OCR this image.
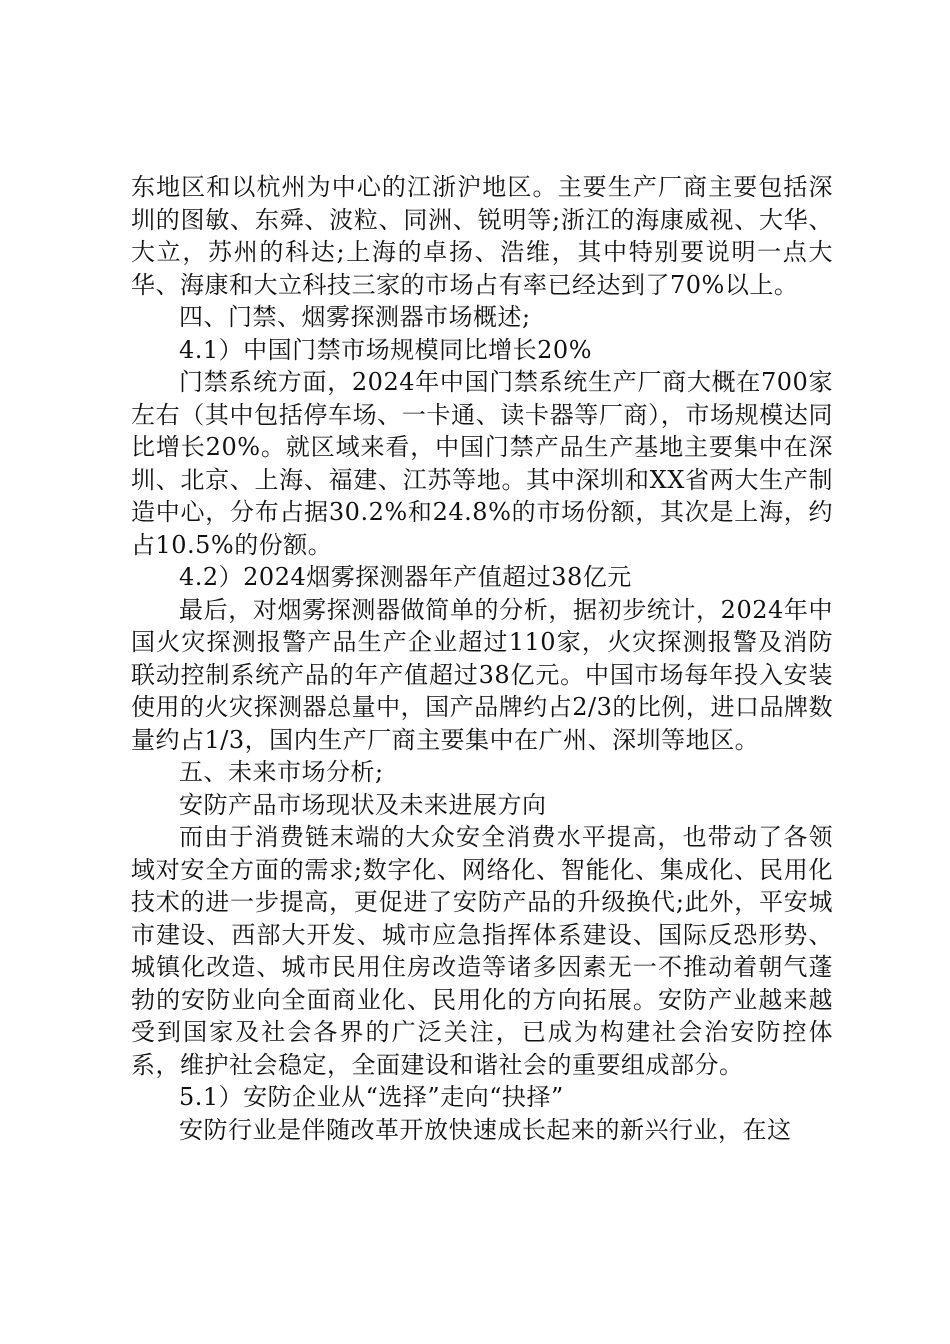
东地区和以杭州为中心的江浙沪地区。主要生产厂商主要包括深圳的图敏、东舜、波粒、同洲、锐明等;浙江的海康威视、大华、大立，苏州的科达;上海的卓扬、浩维，其中特别要说明一点大华、海康和大立科技三家的市场占有率已经达到了70%以上。

四、门禁、烟雾探测器市场概述;

4.1）中国门禁市场规模同比增长20%

门禁系统方面，2024年中国门禁系统生产厂商大概在700家左右（其中包括停车场、一卡通、读卡器等厂商），市场规模达同比增长20%。就区域来看，中国门禁产品生产基地主要集中在深圳、北京、上海、福建、江苏等地。其中深圳和XX省两大生产制造中心，分布占据30.2%和24.8%的市场份额，其次是上海，约占10.5%的份额。

4.2）2024烟雾探测器年产值超过38亿元

最后，对烟雾探测器做简单的分析，据初步统计，2024年中国火灾探测报警产品生产企业超过110家，火灾探测报警及消防联动控制系统产品的年产值超过38亿元。中国市场每年投入安装使用的火灾探测器总量中，国产品牌约占2/3的比例，进口品牌数量约占1/3，国内生产厂商主要集中在广州、深圳等地区。

五、未来市场分析;

安防产品市场现状及未来进展方向

而由于消费链末端的大众安全消费水平提高，也带动了各领域对安全方面的需求;数字化、网络化、智能化、集成化、民用化技术的进一步提高，更促进了安防产品的升级换代;此外，平安城市建设、西部大开发、城市应急指挥体系建设、国际反恐形势、城镇化改造、城市民用住房改造等诸多因素无一不推动着朝气蓬勃的安防业向全面商业化、民用化的方向拓展。安防产业越来越受到国家及社会各界的广泛关注，已成为构建社会治安防控体系，维护社会稳定，全面建设和谐社会的重要组成部分。

5.1）安防企业从“选择”走向“抉择”

安防行业是伴随改革开放快速成长起来的新兴行业，在这
